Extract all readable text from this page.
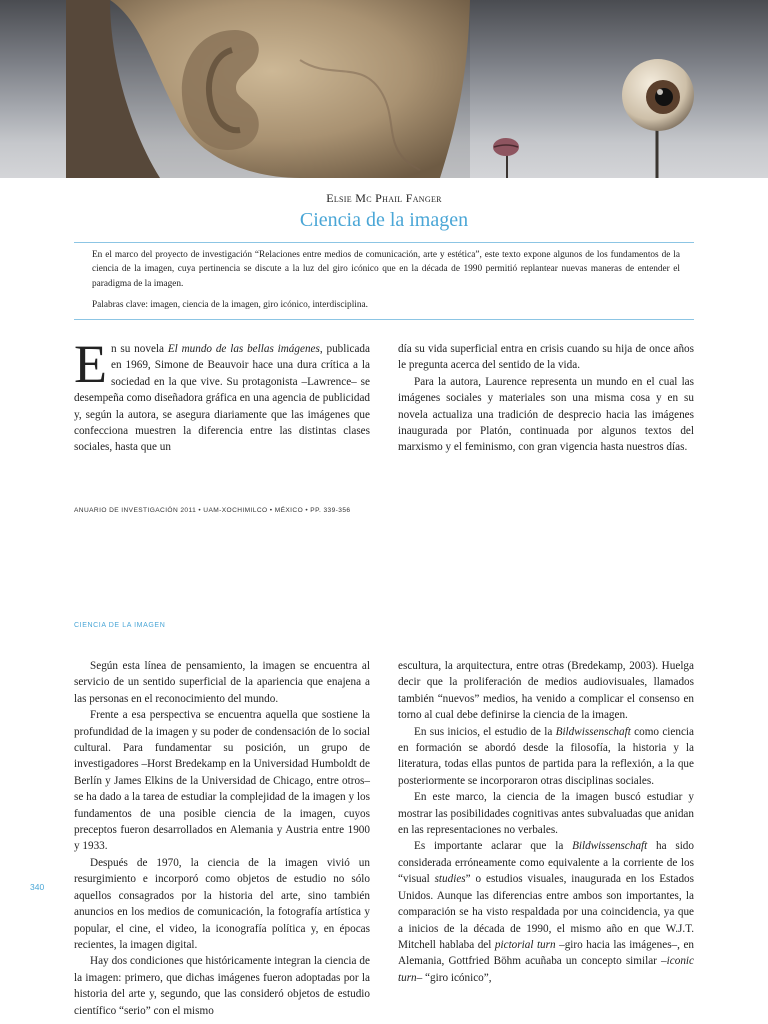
Elsie Mc Phail Fanger
Ciencia de la imagen

En el marco del proyecto de investigación “Relaciones entre medios de comunicación, arte y estética”, este texto expone algunos de los fundamentos de la ciencia de la imagen, cuya pertinencia se discute a la luz del giro icónico que en la década de 1990 permitió replantear nuevas maneras de entender el paradigma de la imagen.

Palabras clave: imagen, ciencia de la imagen, giro icónico, interdisciplina.

En su novela El mundo de las bellas imágenes, publicada en 1969, Simone de Beauvoir hace una dura crítica a la sociedad en la que vive. Su protagonista –Lawrence– se desempeña como diseñadora gráfica en una agencia de publicidad y, según la autora, se asegura diariamente que las imágenes que confecciona muestren la diferencia entre las distintas clases sociales, hasta que un

día su vida superficial entra en crisis cuando su hija de once años le pregunta acerca del sentido de la vida.

Para la autora, Laurence representa un mundo en el cual las imágenes sociales y materiales son una misma cosa y en su novela actualiza una tradición de desprecio hacia las imágenes inaugurada por Platón, continuada por algunos textos del marxismo y el feminismo, con gran vigencia hasta nuestros días.

ANUARIO DE INVESTIGACIÓN 2011 • UAM-XOCHIMILCO • MÉXICO • PP. 339-356
CIENCIA DE LA IMAGEN
340

Según esta línea de pensamiento, la imagen se encuentra al servicio de un sentido superficial de la apariencia que enajena a las personas en el reconocimiento del mundo.

Frente a esa perspectiva se encuentra aquella que sostiene la profundidad de la imagen y su poder de condensación de lo social cultural. Para fundamentar su posición, un grupo de investigadores –Horst Bredekamp en la Universidad Humboldt de Berlín y James Elkins de la Universidad de Chicago, entre otros– se ha dado a la tarea de estudiar la complejidad de la imagen y los fundamentos de una posible ciencia de la imagen, cuyos preceptos fueron desarrollados en Alemania y Austria entre 1900 y 1933.

Después de 1970, la ciencia de la imagen vivió un resurgimiento e incorporó como objetos de estudio no sólo aquellos consagrados por la historia del arte, sino también anuncios en los medios de comunicación, la fotografía artística y popular, el cine, el video, la iconografía política y, en épocas recientes, la imagen digital.

Hay dos condiciones que históricamente integran la ciencia de la imagen: primero, que dichas imágenes fueron adoptadas por la historia del arte y, segundo, que las consideró objetos de estudio científico “serio” con el mismo

escultura, la arquitectura, entre otras (Bredekamp, 2003). Huelga decir que la proliferación de medios audiovisuales, llamados también “nuevos” medios, ha venido a complicar el consenso en torno al cual debe definirse la ciencia de la imagen.

En sus inicios, el estudio de la Bildwissenschaft como ciencia en formación se abordó desde la filosofía, la historia y la literatura, todas ellas puntos de partida para la reflexión, a la que posteriormente se incorporaron otras disciplinas sociales.

En este marco, la ciencia de la imagen buscó estudiar y mostrar las posibilidades cognitivas antes subvaluadas que anidan en las representaciones no verbales.

Es importante aclarar que la Bildwissenschaft ha sido considerada erróneamente como equivalente a la corriente de los “visual studies” o estudios visuales, inaugurada en los Estados Unidos. Aunque las diferencias entre ambos son importantes, la comparación se ha visto respaldada por una coincidencia, ya que a inicios de la década de 1990, el mismo año en que W.J.T. Mitchell hablaba del pictorial turn –giro hacia las imágenes–, en Alemania, Gottfried Böhm acuñaba un concepto similar –iconic turn– “giro icónico”,
